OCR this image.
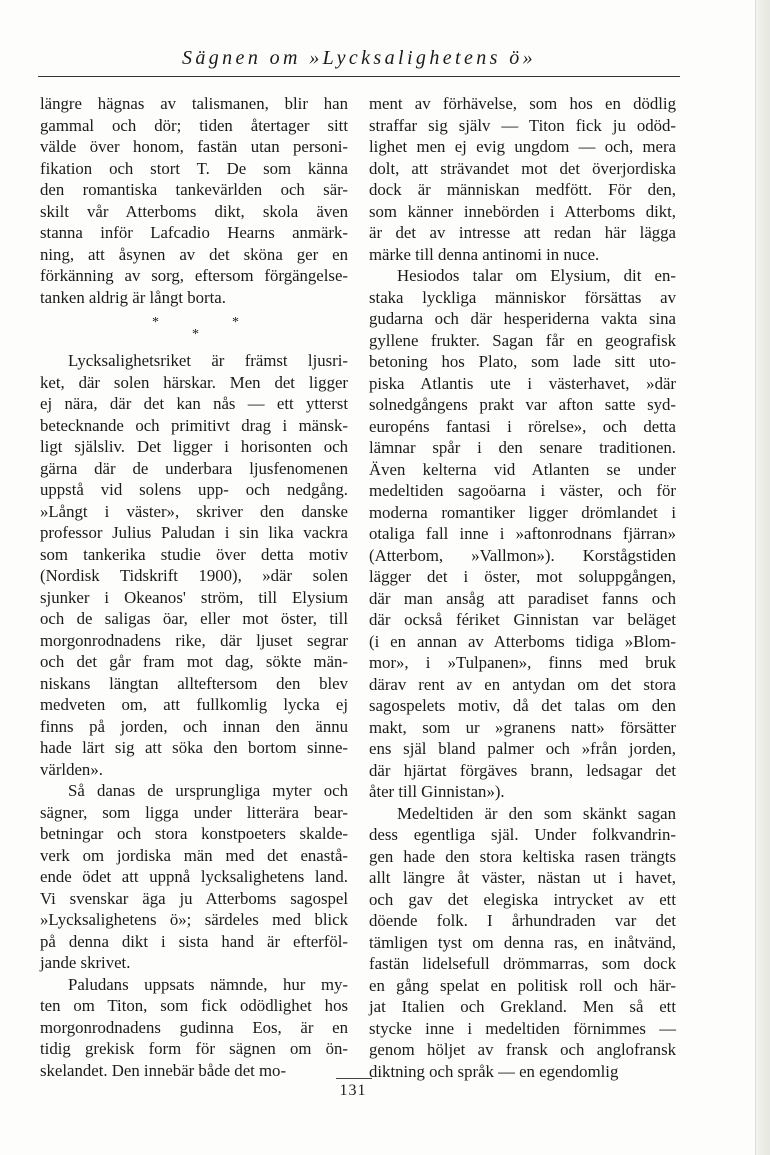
Sägnen om »Lycksalighetens ö»
längre hägnas av talismanen, blir han
gammal och dör; tiden återtager sitt
välde över honom, fastän utan personi-
fikation och stort T. De som känna
den romantiska tankevärlden och sär-
skilt vår Atterboms dikt, skola även
stanna inför Lafcadio Hearns anmärk-
ning, att åsynen av det sköna ger en
förkänning av sorg, eftersom förgängelse-
tanken aldrig är långt borta.
*
*
*
Lycksalighetsriket är främst ljusri-
ket, där solen härskar. Men det ligger
ej nära, där det kan nås — ett ytterst
betecknande och primitivt drag i mänsk-
ligt själsliv. Det ligger i horisonten och
gärna där de underbara ljusfenomenen
uppstå vid solens upp- och nedgång.
»Långt i väster», skriver den danske
professor Julius Paludan i sin lika vackra
som tankerika studie över detta motiv
(Nordisk Tidskrift 1900), »där solen
sjunker i Okeanos' ström, till Elysium
och de saligas öar, eller mot öster, till
morgonrodnadens rike, där ljuset segrar
och det går fram mot dag, sökte män-
niskans längtan allteftersom den blev
medveten om, att fullkomlig lycka ej
finns på jorden, och innan den ännu
hade lärt sig att söka den bortom sinne-
världen».
Så danas de ursprungliga myter och
sägner, som ligga under litterära bear-
betningar och stora konstpoeters skalde-
verk om jordiska män med det enastå-
ende ödet att uppnå lycksalighetens land.
Vi svenskar äga ju Atterboms sagospel
»Lycksalighetens ö»; särdeles med blick
på denna dikt i sista hand är efterföl-
jande skrivet.
Paludans uppsats nämnde, hur my-
ten om Titon, som fick odödlighet hos
morgonrodnadens gudinna Eos, är en
tidig grekisk form för sägnen om ön-
skelandet. Den innebär både det mo-
ment av förhävelse, som hos en dödlig
straffar sig själv — Titon fick ju odöd-
lighet men ej evig ungdom — och, mera
dolt, att strävandet mot det överjordiska
dock är människan medfött. För den,
som känner innebörden i Atterboms dikt,
är det av intresse att redan här lägga
märke till denna antinomi in nuce.
Hesiodos talar om Elysium, dit en-
staka lyckliga människor försättas av
gudarna och där hesperiderna vakta sina
gyllene frukter. Sagan får en geografisk
betoning hos Plato, som lade sitt uto-
piska Atlantis ute i västerhavet, »där
solnedgångens prakt var afton satte syd-
européns fantasi i rörelse», och detta
lämnar spår i den senare traditionen.
Även kelterna vid Atlanten se under
medeltiden sagoöarna i väster, och för
moderna romantiker ligger drömlandet i
otaliga fall inne i »aftonrodnans fjärran»
(Atterbom, »Vallmon»). Korstågstiden
lägger det i öster, mot soluppgången,
där man ansåg att paradiset fanns och
där också fériket Ginnistan var beläget
(i en annan av Atterboms tidiga »Blom-
mor», i »Tulpanen», finns med bruk
därav rent av en antydan om det stora
sagospelets motiv, då det talas om den
makt, som ur »granens natt» försätter
ens själ bland palmer och »från jorden,
där hjärtat förgäves brann, ledsagar det
åter till Ginnistan»).
Medeltiden är den som skänkt sagan
dess egentliga själ. Under folkvandrin-
gen hade den stora keltiska rasen trängts
allt längre åt väster, nästan ut i havet,
och gav det elegiska intrycket av ett
döende folk. I århundraden var det
tämligen tyst om denna ras, en inåtvänd,
fastän lidelsefull drömmarras, som dock
en gång spelat en politisk roll och här-
jat Italien och Grekland. Men så ett
stycke inne i medeltiden förnimmes —
genom höljet av fransk och anglofransk
diktning och språk — en egendomlig
131
